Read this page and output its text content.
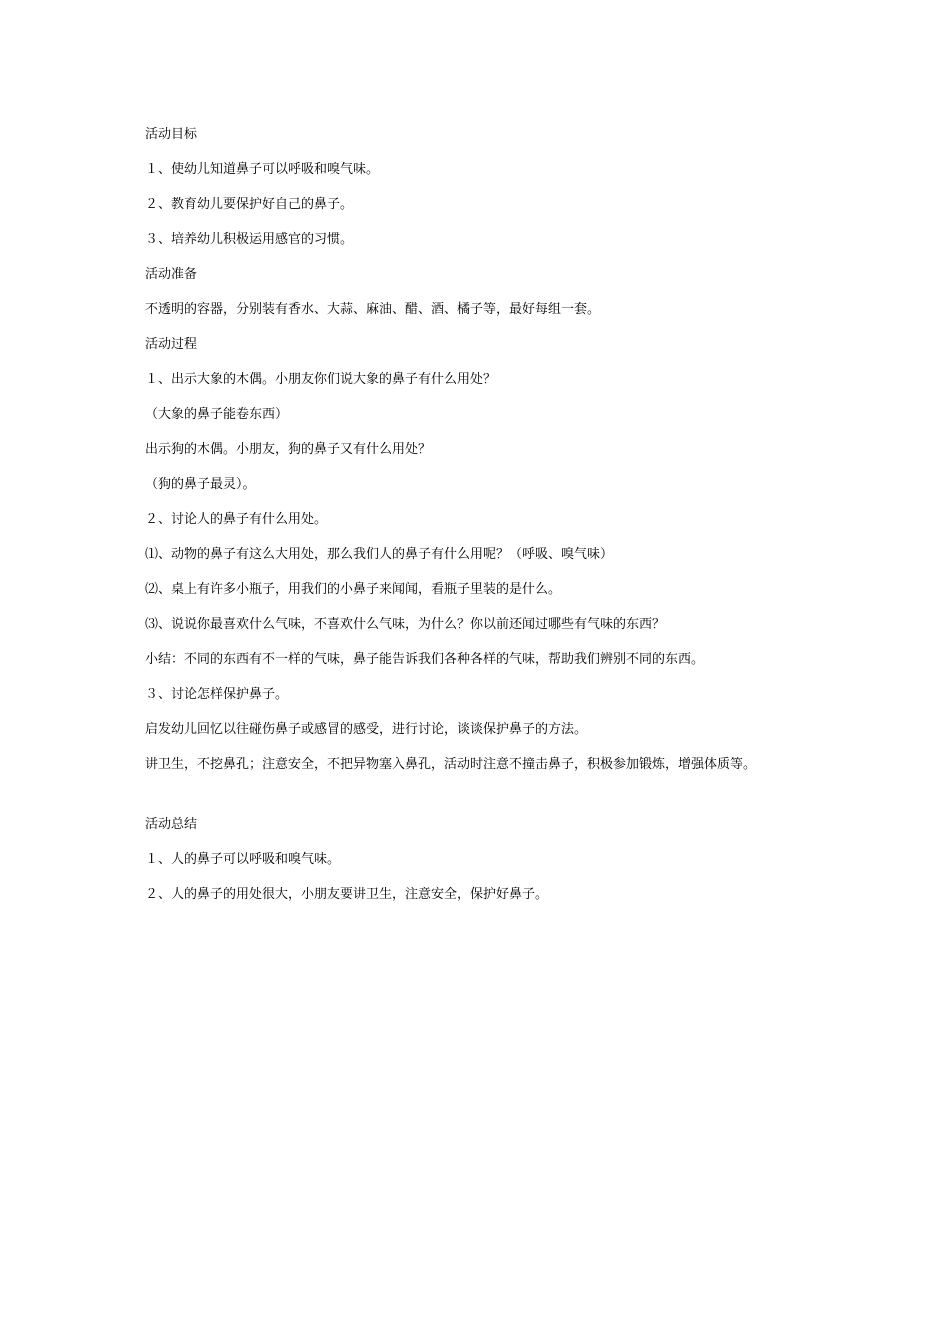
活动目标
１、使幼儿知道鼻子可以呼吸和嗅气味。
２、教育幼儿要保护好自己的鼻子。
３、培养幼儿积极运用感官的习惯。
活动准备
不透明的容器，分别装有香水、大蒜、麻油、醋、酒、橘子等，最好每组一套。
活动过程
１、出示大象的木偶。小朋友你们说大象的鼻子有什么用处？
（大象的鼻子能卷东西）
出示狗的木偶。小朋友，狗的鼻子又有什么用处？
（狗的鼻子最灵）。
２、讨论人的鼻子有什么用处。
⑴、动物的鼻子有这么大用处，那么我们人的鼻子有什么用呢？（呼吸、嗅气味）
⑵、桌上有许多小瓶子，用我们的小鼻子来闻闻，看瓶子里装的是什么。
⑶、说说你最喜欢什么气味，不喜欢什么气味，为什么？你以前还闻过哪些有气味的东西？
小结：不同的东西有不一样的气味，鼻子能告诉我们各种各样的气味，帮助我们辨别不同的东西。
３、讨论怎样保护鼻子。
启发幼儿回忆以往碰伤鼻子或感冒的感受，进行讨论，谈谈保护鼻子的方法。
讲卫生，不挖鼻孔；注意安全，不把异物塞入鼻孔，活动时注意不撞击鼻子，积极参加锻炼，增强体质等。
活动总结
１、人的鼻子可以呼吸和嗅气味。
２、人的鼻子的用处很大，小朋友要讲卫生，注意安全，保护好鼻子。
